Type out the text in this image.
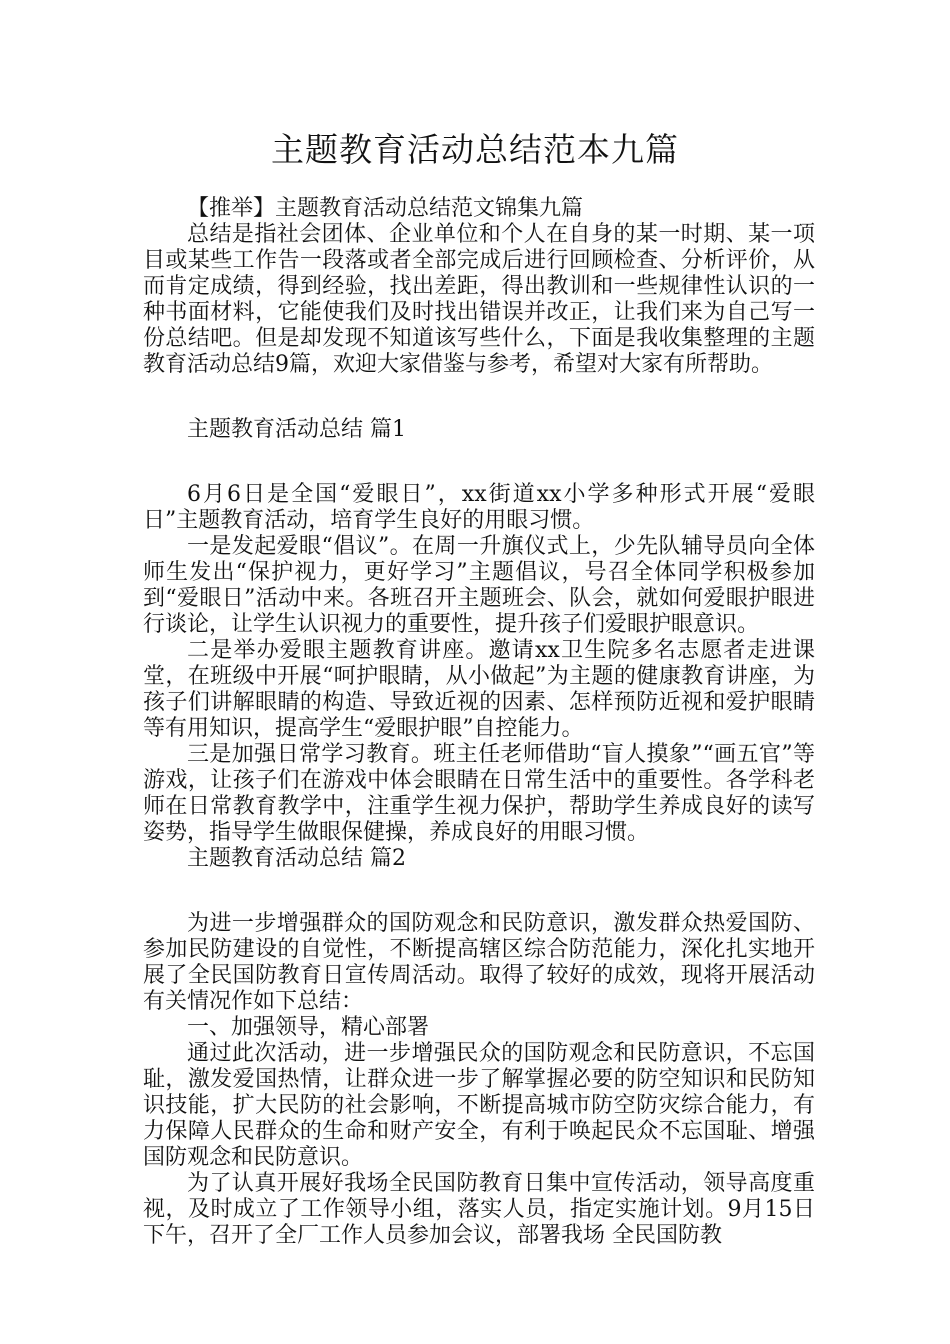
主题教育活动总结范本九篇

【推举】主题教育活动总结范文锦集九篇

总结是指社会团体、企业单位和个人在自身的某一时期、某一项目或某些工作告一段落或者全部完成后进行回顾检查、分析评价，从而肯定成绩，得到经验，找出差距，得出教训和一些规律性认识的一种书面材料，它能使我们及时找出错误并改正，让我们来为自己写一份总结吧。但是却发现不知道该写些什么，下面是我收集整理的主题教育活动总结9篇，欢迎大家借鉴与参考，希望对大家有所帮助。

主题教育活动总结 篇1

6月6日是全国“爱眼日”，xx街道xx小学多种形式开展“爱眼日”主题教育活动，培育学生良好的用眼习惯。

一是发起爱眼“倡议”。在周一升旗仪式上，少先队辅导员向全体师生发出“保护视力，更好学习”主题倡议，号召全体同学积极参加到“爱眼日”活动中来。各班召开主题班会、队会，就如何爱眼护眼进行谈论，让学生认识视力的重要性，提升孩子们爱眼护眼意识。

二是举办爱眼主题教育讲座。邀请xx卫生院多名志愿者走进课堂，在班级中开展“呵护眼睛，从小做起”为主题的健康教育讲座，为孩子们讲解眼睛的构造、导致近视的因素、怎样预防近视和爱护眼睛等有用知识，提高学生“爱眼护眼”自控能力。

三是加强日常学习教育。班主任老师借助“盲人摸象”“画五官”等游戏，让孩子们在游戏中体会眼睛在日常生活中的重要性。各学科老师在日常教育教学中，注重学生视力保护，帮助学生养成良好的读写姿势，指导学生做眼保健操，养成良好的用眼习惯。

主题教育活动总结 篇2

为进一步增强群众的国防观念和民防意识，激发群众热爱国防、参加民防建设的自觉性，不断提高辖区综合防范能力，深化扎实地开展了全民国防教育日宣传周活动。取得了较好的成效，现将开展活动有关情况作如下总结：

一、加强领导，精心部署

通过此次活动，进一步增强民众的国防观念和民防意识，不忘国耻，激发爱国热情，让群众进一步了解掌握必要的防空知识和民防知识技能，扩大民防的社会影响，不断提高城市防空防灾综合能力，有力保障人民群众的生命和财产安全，有利于唤起民众不忘国耻、增强国防观念和民防意识。

为了认真开展好我场全民国防教育日集中宣传活动，领导高度重视，及时成立了工作领导小组，落实人员，指定实施计划。9月15日下午，召开了全厂工作人员参加会议，部署我场 全民国防教
